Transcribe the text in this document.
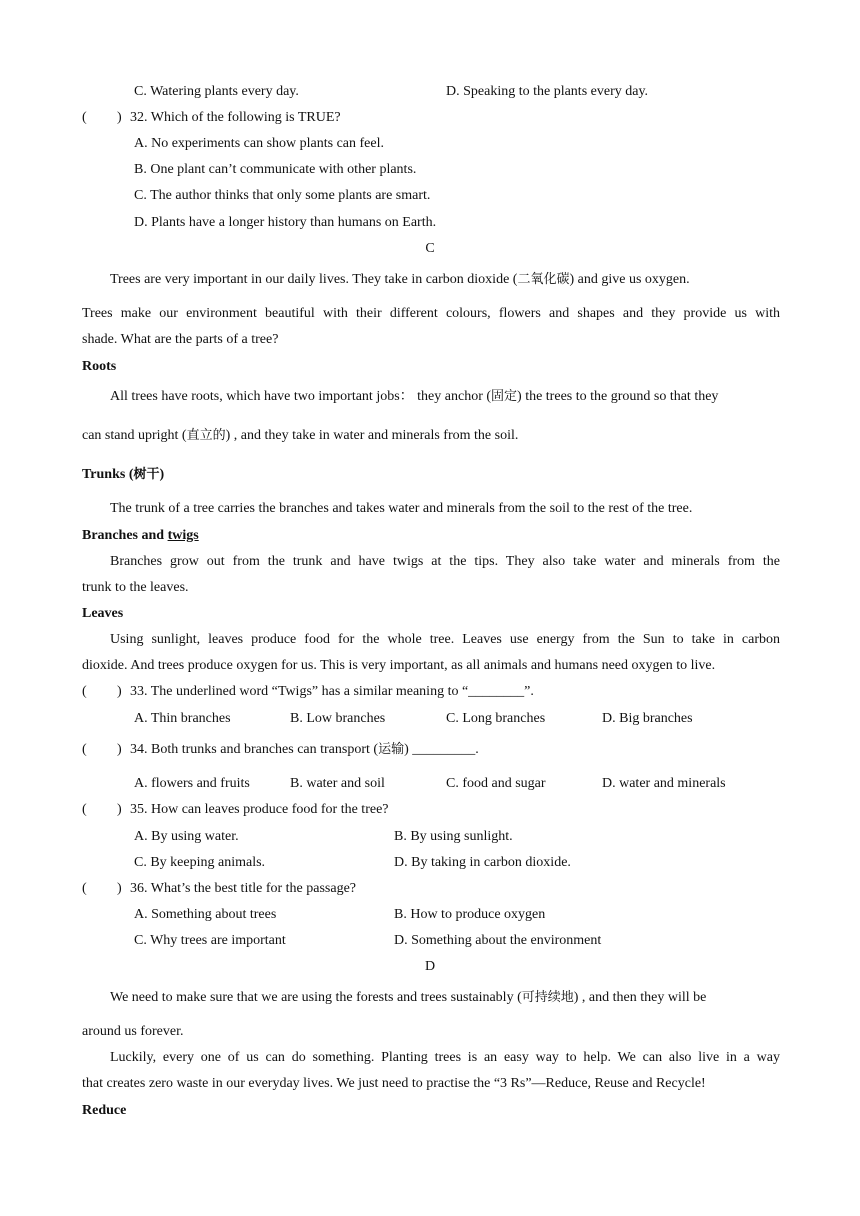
C. Watering plants every day.	D. Speaking to the plants every day.
( ) 32. Which of the following is TRUE?
A. No experiments can show plants can feel.
B. One plant can’t communicate with other plants.
C. The author thinks that only some plants are smart.
D. Plants have a longer history than humans on Earth.
C
Trees are very important in our daily lives. They take in carbon dioxide (二氧化碳) and give us oxygen.
Trees make our environment beautiful with their different colours, flowers and shapes and they provide us with
shade. What are the parts of a tree?
Roots
All trees have roots, which have two important jobs： they anchor (固定) the trees to the ground so that they
can stand upright (直立的) , and they take in water and minerals from the soil.
Trunks (树干)
The trunk of a tree carries the branches and takes water and minerals from the soil to the rest of the tree.
Branches and twigs
Branches grow out from the trunk and have twigs at the tips. They also take water and minerals from the
trunk to the leaves.
Leaves
Using sunlight, leaves produce food for the whole tree. Leaves use energy from the Sun to take in carbon
dioxide. And trees produce oxygen for us. This is very important, as all animals and humans need oxygen to live.
( ) 33. The underlined word “Twigs” has a similar meaning to “________”.
A. Thin branches	B. Low branches	C. Long branches	D. Big branches
( ) 34. Both trunks and branches can transport (运输) _________.
A. flowers and fruits	B. water and soil	C. food and sugar	D. water and minerals
( ) 35. How can leaves produce food for the tree?
A. By using water.	B. By using sunlight.
C. By keeping animals.	D. By taking in carbon dioxide.
( ) 36. What’s the best title for the passage?
A. Something about trees	B. How to produce oxygen
C. Why trees are important	D. Something about the environment
D
We need to make sure that we are using the forests and trees sustainably (可持续地) , and then they will be
around us forever.
Luckily, every one of us can do something. Planting trees is an easy way to help. We can also live in a way
that creates zero waste in our everyday lives. We just need to practise the “3 Rs”—Reduce, Reuse and Recycle!
Reduce
